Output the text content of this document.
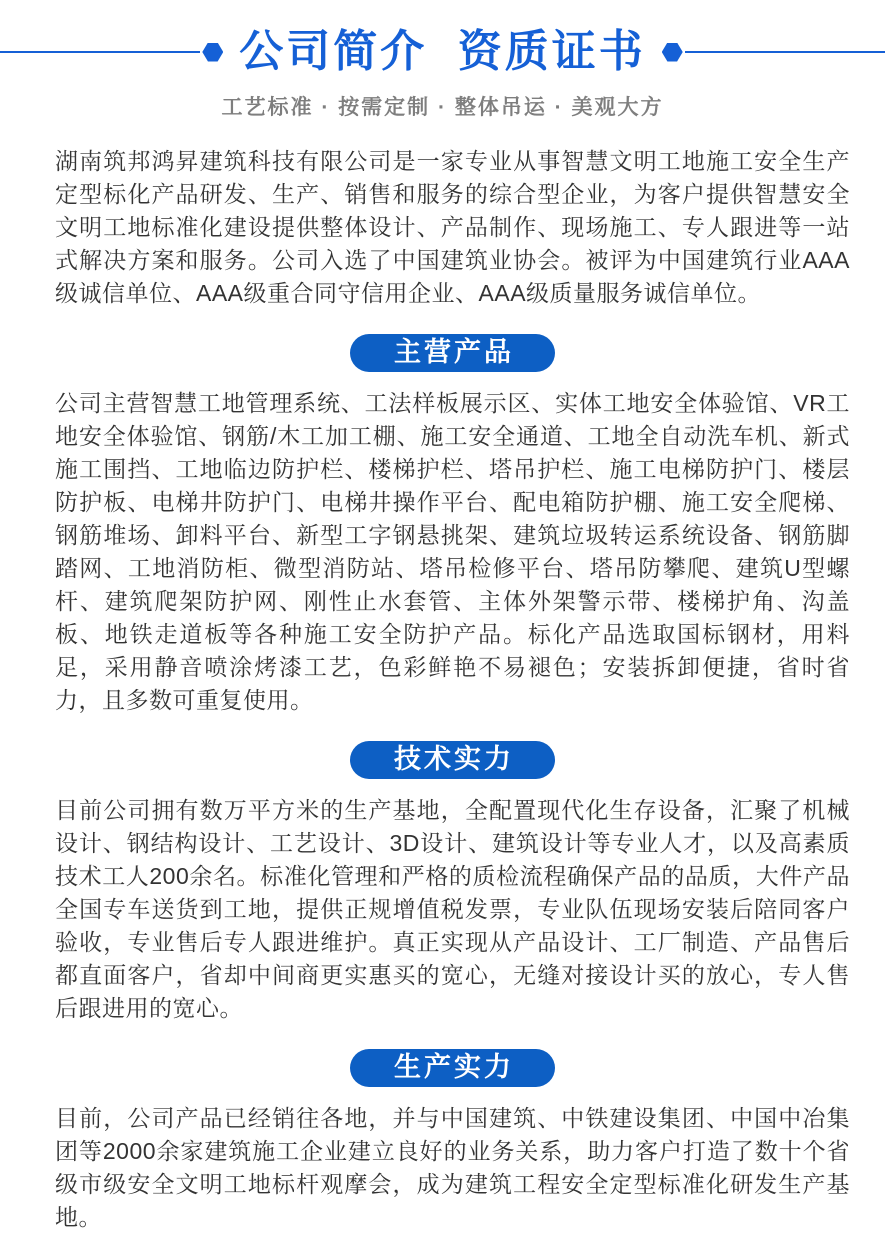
公司简介  资质证书
工艺标准 · 按需定制 · 整体吊运 · 美观大方

湖南筑邦鸿昇建筑科技有限公司是一家专业从事智慧文明工地施工安全生产定型标化产品研发、生产、销售和服务的综合型企业，为客户提供智慧安全文明工地标准化建设提供整体设计、产品制作、现场施工、专人跟进等一站式解决方案和服务。公司入选了中国建筑业协会。被评为中国建筑行业AAA级诚信单位、AAA级重合同守信用企业、AAA级质量服务诚信单位。

主营产品

公司主营智慧工地管理系统、工法样板展示区、实体工地安全体验馆、VR工地安全体验馆、钢筋/木工加工棚、施工安全通道、工地全自动洗车机、新式施工围挡、工地临边防护栏、楼梯护栏、塔吊护栏、施工电梯防护门、楼层防护板、电梯井防护门、电梯井操作平台、配电箱防护棚、施工安全爬梯、钢筋堆场、卸料平台、新型工字钢悬挑架、建筑垃圾转运系统设备、钢筋脚踏网、工地消防柜、微型消防站、塔吊检修平台、塔吊防攀爬、建筑U型螺杆、建筑爬架防护网、刚性止水套管、主体外架警示带、楼梯护角、沟盖板、地铁走道板等各种施工安全防护产品。标化产品选取国标钢材，用料足，采用静音喷涂烤漆工艺，色彩鲜艳不易褪色；安装拆卸便捷，省时省力，且多数可重复使用。

技术实力

目前公司拥有数万平方米的生产基地，全配置现代化生存设备，汇聚了机械设计、钢结构设计、工艺设计、3D设计、建筑设计等专业人才，以及高素质技术工人200余名。标准化管理和严格的质检流程确保产品的品质，大件产品全国专车送货到工地，提供正规增值税发票，专业队伍现场安装后陪同客户验收，专业售后专人跟进维护。真正实现从产品设计、工厂制造、产品售后都直面客户，省却中间商更实惠买的宽心，无缝对接设计买的放心，专人售后跟进用的宽心。

生产实力

目前，公司产品已经销往各地，并与中国建筑、中铁建设集团、中国中冶集团等2000余家建筑施工企业建立良好的业务关系，助力客户打造了数十个省级市级安全文明工地标杆观摩会，成为建筑工程安全定型标准化研发生产基地。
